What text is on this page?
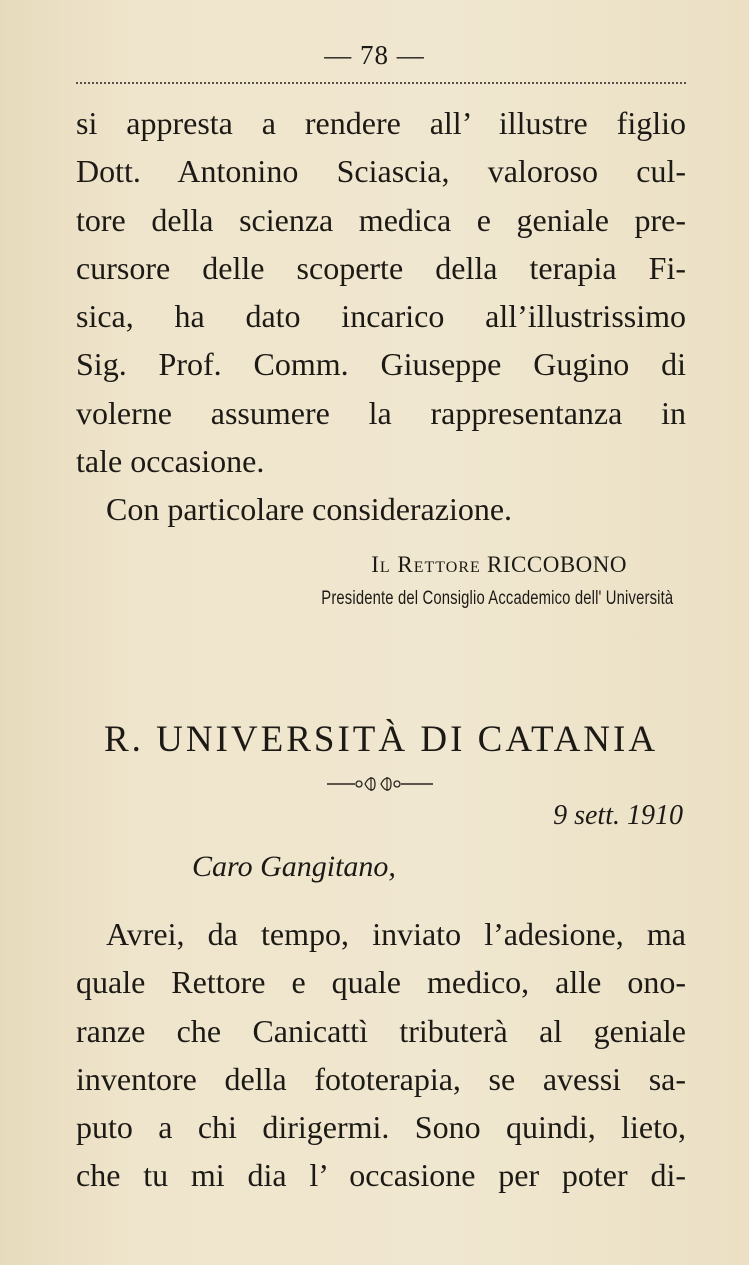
— 78 —
si appresta a rendere all’ illustre figlio
Dott. Antonino Sciascia, valoroso cul-
tore della scienza medica e geniale pre-
cursore delle scoperte della terapia Fi-
sica, ha dato incarico all’illustrissimo
Sig. Prof. Comm. Giuseppe Gugino di
volerne assumere la rappresentanza in
tale occasione.
Con particolare considerazione.
Il Rettore RICCOBONO
Presidente del Consiglio Accademico dell' Università
R. UNIVERSITÀ DI CATANIA
9 sett. 1910
Caro Gangitano,
Avrei, da tempo, inviato l’adesione, ma
quale Rettore e quale medico, alle ono-
ranze che Canicattì tributerà al geniale
inventore della fototerapia, se avessi sa-
puto a chi dirigermi. Sono quindi, lieto,
che tu mi dia l’ occasione per poter di-
